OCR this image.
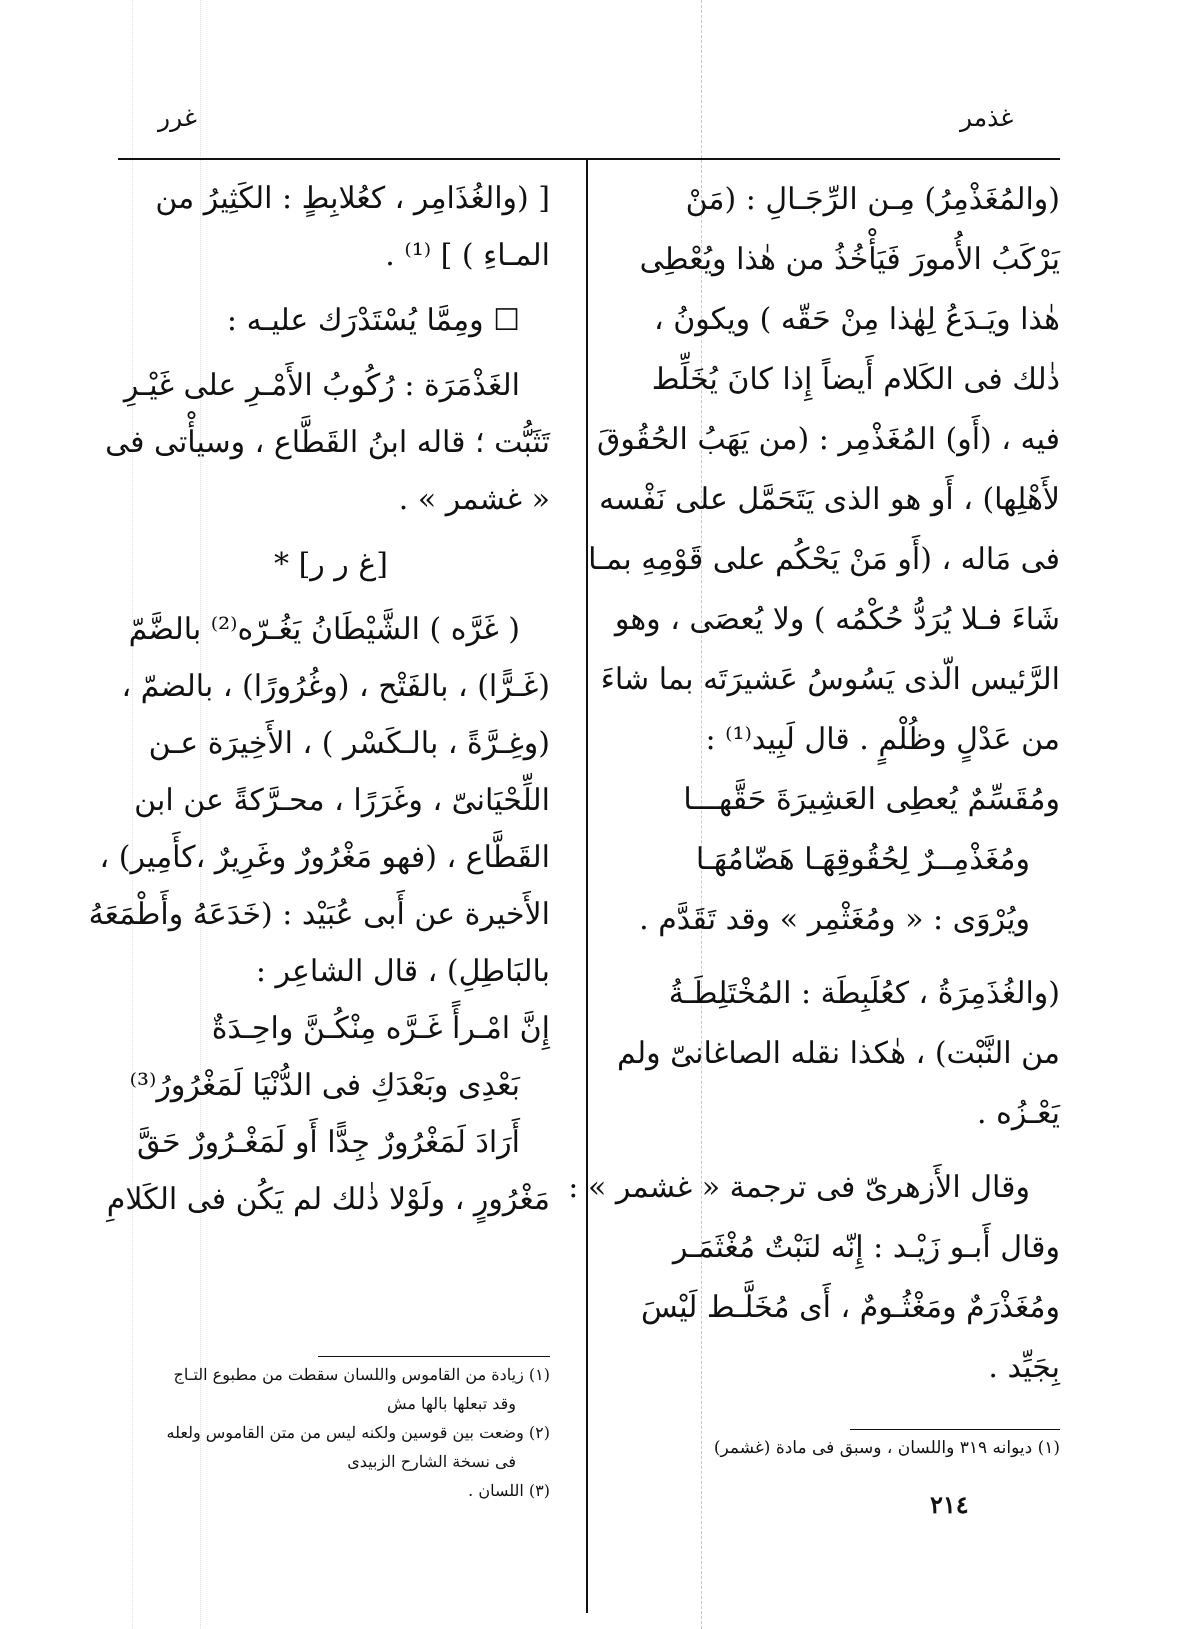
غذمر
غرر
(والمُغَذْمِرُ) مِـن الرِّجَـالِ : (مَنْ
يَرْكَبُ الأُمورَ فَيَأْخُذُ من هٰذا ويُعْطِى
هٰذا ويَـدَعُ لِهٰذا مِنْ حَقّه ) ويكونُ ،
ذٰلك فى الكَلام أَيضاً إِذا كانَ يُخَلِّط
فيه ، (أَو) المُغَذْمِر : (من يَهَبُ الحُقُوقَ
لأَهْلِها) ، أَو هو الذى يَتَحَمَّل على نَفْسه
فى مَاله ، (أَو مَنْ يَحْكُم على قَوْمِهِ بمـا
شَاءَ فـلا يُرَدُّ حُكْمُه ) ولا يُعصَى ، وهو
الرَّئيس الّذى يَسُوسُ عَشيرَتَه بما شاءَ
من عَدْلٍ وظُلْمٍ . قال لَبِيد⁽¹⁾ :
ومُقَسِّمٌ يُعطِى العَشِيرَةَ حَقَّهـــا
ومُغَذْمِــرٌ لِحُقُوقِهَـا هَضّامُهَـا
ويُرْوَى : « ومُغَثْمِر » وقد تَقَدَّم .
(والغُذَمِرَةُ ، كعُلَبِطَة : المُخْتَلِطَـةُ
من النَّبْت) ، هٰكذا نقله الصاغانىّ ولم
يَعْـزُه .
وقال الأَزهرىّ فى ترجمة « غشمر » :
وقال أَبـو زَيْـد : إِنّه لنَبْتٌ مُغْثَمَـر
ومُغَذْرَمٌ ومَغْثُـومٌ ، أَى مُخَلَّـط لَيْسَ
بِجَيِّد .
[ (والغُذَامِر ، كعُلابِطٍ : الكَثِيرُ من
المـاءِ ) ] ⁽¹⁾ .
☐ ومِمَّا يُسْتَدْرَك عليـه :
الغَذْمَرَة : رُكُوبُ الأَمْـرِ على غَيْـرِ
تَثَبُّت ؛ قاله ابنُ القَطَّاع ، وسيأْتى فى
« غشمر » .
[غ ر ر] *
( غَرَّه ) الشَّيْطَانُ يَغُـرّه⁽²⁾ بالضَّمّ
(غَـرًّا) ، بالفَتْح ، (وغُرُورًا) ، بالضمّ ،
(وغِـرَّةً ، بالـكَسْر ) ، الأَخِيرَة عـن
اللِّحْيَانىّ ، وغَرَرًا ، محـرَّكةً عن ابن
القَطَّاع ، (فهو مَغْرُورٌ وغَرِيرٌ ،كأَمِير) ،
الأَخيرة عن أَبى عُبَيْد : (خَدَعَهُ وأَطْمَعَهُ
بالبَاطِلِ) ، قال الشاعِر :
إِنَّ امْـرأً غَـرَّه مِنْكُـنَّ واحِـدَةٌ
بَعْدِى وبَعْدَكِ فى الدُّنْيَا لَمَغْرُورُ⁽³⁾
أَرَادَ لَمَغْرُورٌ جِدًّا أَو لَمَغْـرُورٌ حَقَّ
مَغْرُورٍ ، ولَوْلا ذٰلك لم يَكُن فى الكَلامِ
(١) ديوانه ٣١٩ واللسان ، وسبق فى مادة (غشمر)
٢١٤
(١) زيادة من القاموس واللسان سقطت من مطبوع التـاج
وقد تبعلها بالها مش
(٢) وضعت بين قوسين ولكنه ليس من متن القاموس ولعله
فى نسخة الشارح الزبيدى
(٣) اللسان .
